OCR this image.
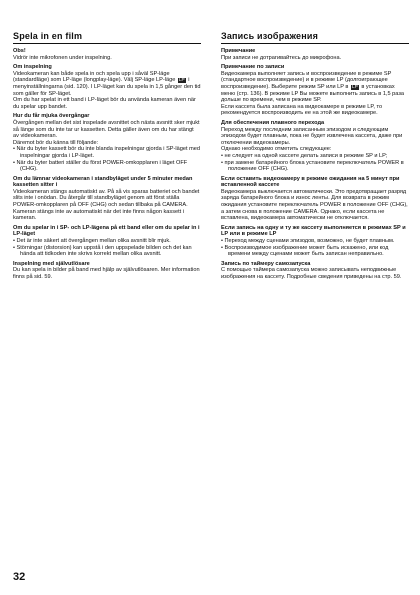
Spela in en film
Obs!
Vidrör inte mikrofonen under inspelning.
Om inspelning
Videokameran kan både spela in och spela upp i såväl SP-läge (standardläge) som LP-läge (longplay-läge). Välj SP-läge LP-läge LP i menyinställningarna (sid. 120). I LP-läget kan du spela in 1,5 gånger den tid som gäller för SP-läget.
Om du har spelat in ett band i LP-läget bör du använda kameran även när du spelar upp bandet.
Hur du får mjuka övergångar
Övergången mellan det sist inspelade avsnittet och nästa avsnitt sker mjukt så länge som du inte tar ur kassetten. Detta gäller även om du har stängt av videokameran.
Däremot bör du känna till följande:
• När du byter kassett bör du inte blanda inspelningar gjorda i SP-läget med inspelningar gjorda i LP-läget.
• När du byter batteri ställer du först POWER-omkopplaren i läget OFF (CHG).
Om du lämnar videokameran i standbyläget under 5 minuter medan kassetten sitter i
Videokameran stängs automatiskt av. På så vis sparas batteriet och bandet slits inte i onödan. Du återgår till standbyläget genom att först ställa POWER-omkopplaren på OFF (CHG) och sedan tillbaka på CAMERA. Kameran stängs inte av automatiskt när det inte finns någon kassett i kameran.
Om du spelar in i SP- och LP-lägena på ett band eller om du spelar in i LP-läget
• Det är inte säkert att övergången mellan olika avsnitt blir mjuk.
• Störningar (distorsion) kan uppstå i den uppspelade bilden och det kan hända att tidkoden inte skrivs korrekt mellan olika avsnitt.
Inspelning med självutlösare
Du kan spela in bilder på band med hjälp av självutlösaren. Mer information finns på sid. 59.
Запись изображения
Примечание
При записи не дотрагивайтесь до микрофона.
Примечание по записи
Видеокамера выполняет запись и воспроизведение в режиме SP (стандартное воспроизведение) и в режиме LP (долгоиграющее воспроизведение). Выберите режим SP или LP в LP в установках меню (стр. 136). В режиме LP Вы можете выполнить запись в 1,5 раза дольше по времени, чем в режиме SP.
Если кассета была записана на видеокамере в режиме LP, то рекомендуется воспроизводить ее на этой же видеокамере.
Для обеспечения плавного перехода
Переход между последним записанным эпизодом и следующим эпизодом будет плавным, пока не будет извлечена кассета, даже при отключении видеокамеры.
Однако необходимо отметить следующее:
• не следует на одной кассете делать записи в режиме SP и LP;
• при замене батарейного блока установите переключатель POWER в положение OFF (CHG).
Если оставить видеокамеру в режиме ожидания на 5 минут при вставленной кассете
Видеокамера выключается автоматически. Это предотвращает разряд заряда батарейного блока и износ ленты. Для возврата в режим ожидания установите переключатель POWER в положение OFF (CHG), а затем снова в положение CAMERA. Однако, если кассета не вставлена, видеокамера автоматически не отключается.
Если запись на одну и ту же кассету выполняется в режимах SP и LP или в режиме LP
• Переход между сценами эпизодов, возможно, не будет плавным.
• Воспроизводимое изображение может быть искажено, или код времени между сценами может быть записан неправильно.
Запись по таймеру самозапуска
С помощью таймера самозапуска можно записывать неподвижные изображения на кассету. Подробные сведения приведены на стр. 59.
32
